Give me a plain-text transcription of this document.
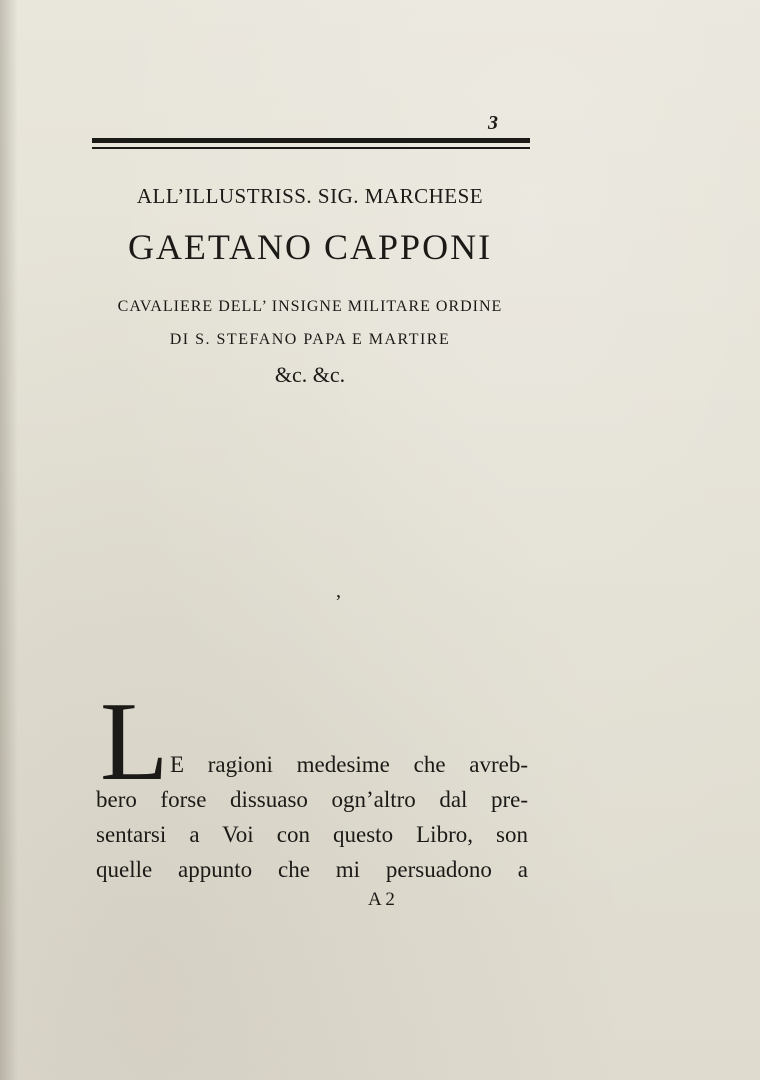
3
ALL’ILLUSTRISS. SIG. MARCHESE
GAETANO CAPPONI
CAVALIERE DELL’ INSIGNE MILITARE ORDINE
DI S. STEFANO PAPA E MARTIRE
&c. &c.
,
L E ragioni medesime che avreb-
bero forse dissuaso ogn’altro dal pre-
sentarsi a Voi con questo Libro, son
quelle appunto che mi persuadono a
A 2
